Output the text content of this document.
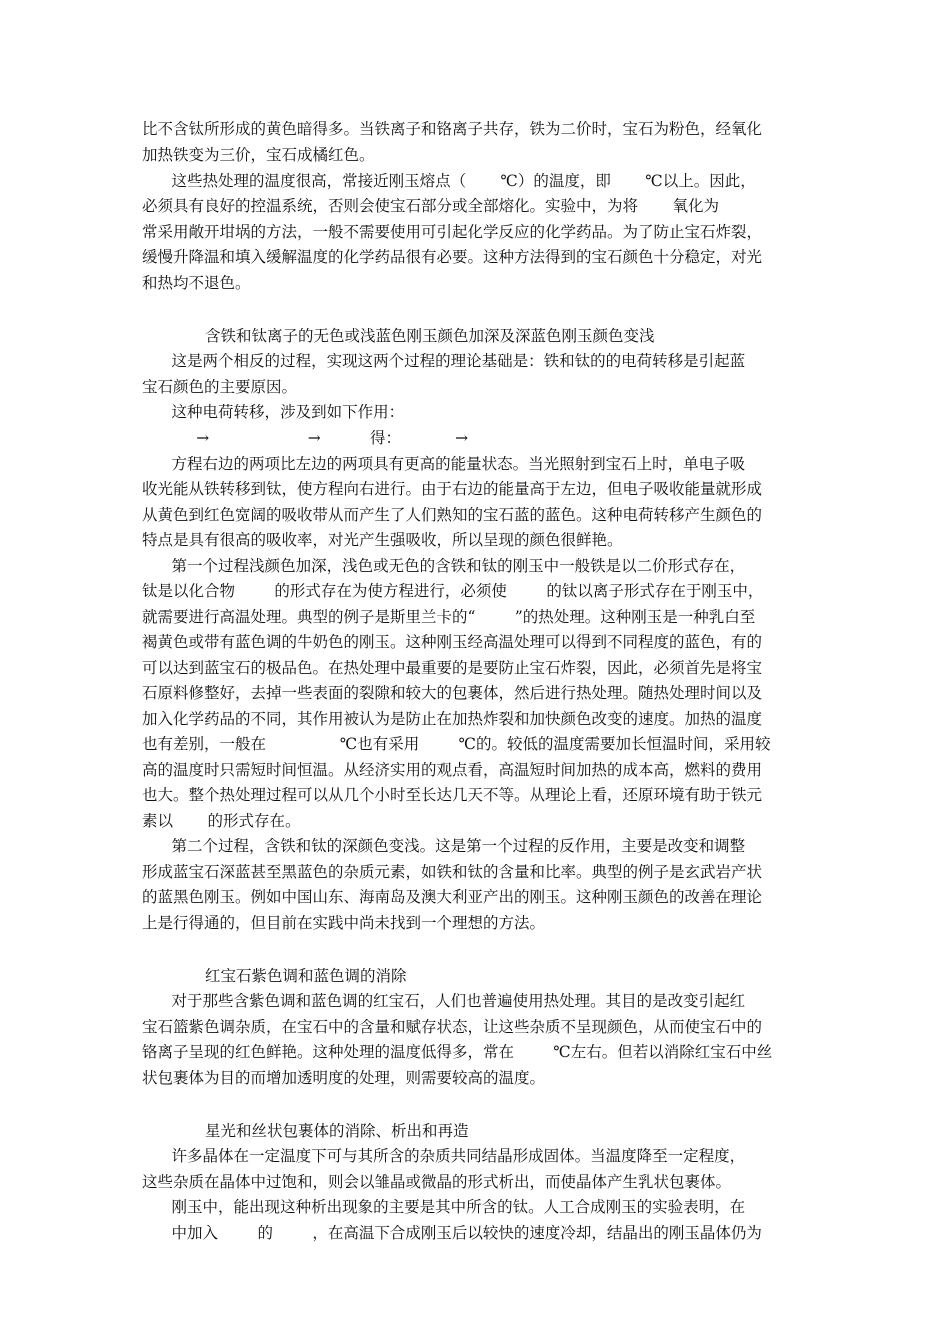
比不含钛所形成的黄色暗得多。当铁离子和铬离子共存，铁为二价时，宝石为粉色，经氧化
加热铁变为三价，宝石成橘红色。
这些热处理的温度很高，常接近刚玉熔点（       ℃）的温度，即       ℃以上。因此，
必须具有良好的控温系统，否则会使宝石部分或全部熔化。实验中，为将       氧化为
常采用敞开坩埚的方法，一般不需要使用可引起化学反应的化学药品。为了防止宝石炸裂，
缓慢升降温和填入缓解温度的化学药品很有必要。这种方法得到的宝石颜色十分稳定，对光
和热均不退色。
含铁和钛离子的无色或浅蓝色刚玉颜色加深及深蓝色刚玉颜色变浅
这是两个相反的过程，实现这两个过程的理论基础是：铁和钛的的电荷转移是引起蓝
宝石颜色的主要原因。
这种电荷转移，涉及到如下作用：
→                    →          得：           →
方程右边的两项比左边的两项具有更高的能量状态。当光照射到宝石上时，单电子吸
收光能从铁转移到钛，使方程向右进行。由于右边的能量高于左边，但电子吸收能量就形成
从黄色到红色宽阔的吸收带从而产生了人们熟知的宝石蓝的蓝色。这种电荷转移产生颜色的
特点是具有很高的吸收率，对光产生强吸收，所以呈现的颜色很鲜艳。
第一个过程浅颜色加深，浅色或无色的含铁和钛的刚玉中一般铁是以二价形式存在，
钛是以化合物        的形式存在为使方程进行，必须使        的钛以离子形式存在于刚玉中，
就需要进行高温处理。典型的例子是斯里兰卡的“        ”的热处理。这种刚玉是一种乳白至
褐黄色或带有蓝色调的牛奶色的刚玉。这种刚玉经高温处理可以得到不同程度的蓝色，有的
可以达到蓝宝石的极品色。在热处理中最重要的是要防止宝石炸裂，因此，必须首先是将宝
石原料修整好，去掉一些表面的裂隙和较大的包裹体，然后进行热处理。随热处理时间以及
加入化学药品的不同，其作用被认为是防止在加热炸裂和加快颜色改变的速度。加热的温度
也有差别，一般在               ℃也有采用        ℃的。较低的温度需要加长恒温时间，采用较
高的温度时只需短时间恒温。从经济实用的观点看，高温短时间加热的成本高，燃料的费用
也大。整个热处理过程可以从几个小时至长达几天不等。从理论上看，还原环境有助于铁元
素以       的形式存在。
第二个过程，含铁和钛的深颜色变浅。这是第一个过程的反作用，主要是改变和调整
形成蓝宝石深蓝甚至黑蓝色的杂质元素，如铁和钛的含量和比率。典型的例子是玄武岩产状
的蓝黑色刚玉。例如中国山东、海南岛及澳大利亚产出的刚玉。这种刚玉颜色的改善在理论
上是行得通的，但目前在实践中尚未找到一个理想的方法。
红宝石紫色调和蓝色调的消除
对于那些含紫色调和蓝色调的红宝石，人们也普遍使用热处理。其目的是改变引起红
宝石篮紫色调杂质，在宝石中的含量和赋存状态，让这些杂质不呈现颜色，从而使宝石中的
铬离子呈现的红色鲜艳。这种处理的温度低得多，常在        ℃左右。但若以消除红宝石中丝
状包裹体为目的而增加透明度的处理，则需要较高的温度。
星光和丝状包裹体的消除、析出和再造
许多晶体在一定温度下可与其所含的杂质共同结晶形成固体。当温度降至一定程度，
这些杂质在晶体中过饱和，则会以雏晶或微晶的形式析出，而使晶体产生乳状包裹体。
刚玉中，能出现这种析出现象的主要是其中所含的钛。人工合成刚玉的实验表明，在
中加入        的        ，在高温下合成刚玉后以较快的速度冷却，结晶出的刚玉晶体仍为
